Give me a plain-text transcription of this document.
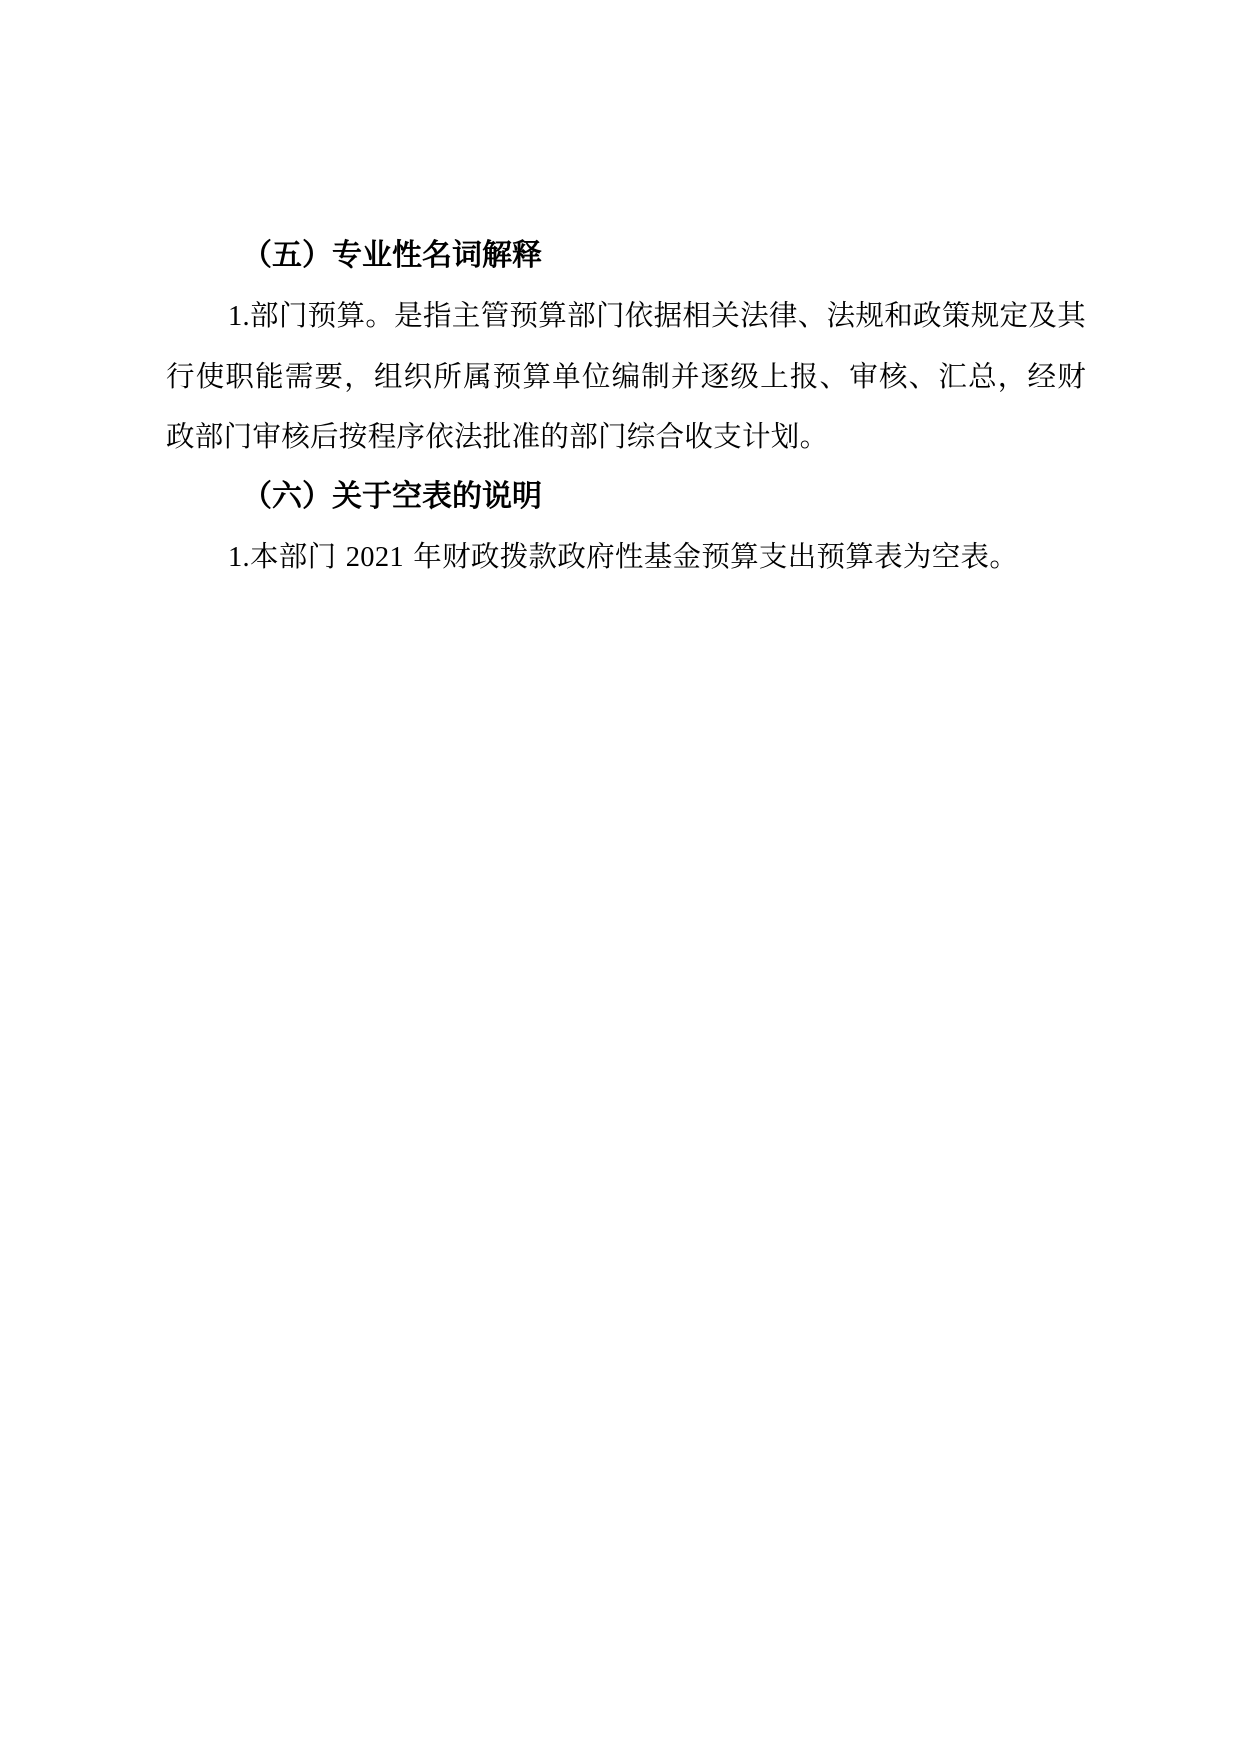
（五）专业性名词解释
1.部门预算。是指主管预算部门依据相关法律、法规和政策规定及其行使职能需要，组织所属预算单位编制并逐级上报、审核、汇总，经财政部门审核后按程序依法批准的部门综合收支计划。
（六）关于空表的说明
1.本部门 2021 年财政拨款政府性基金预算支出预算表为空表。
